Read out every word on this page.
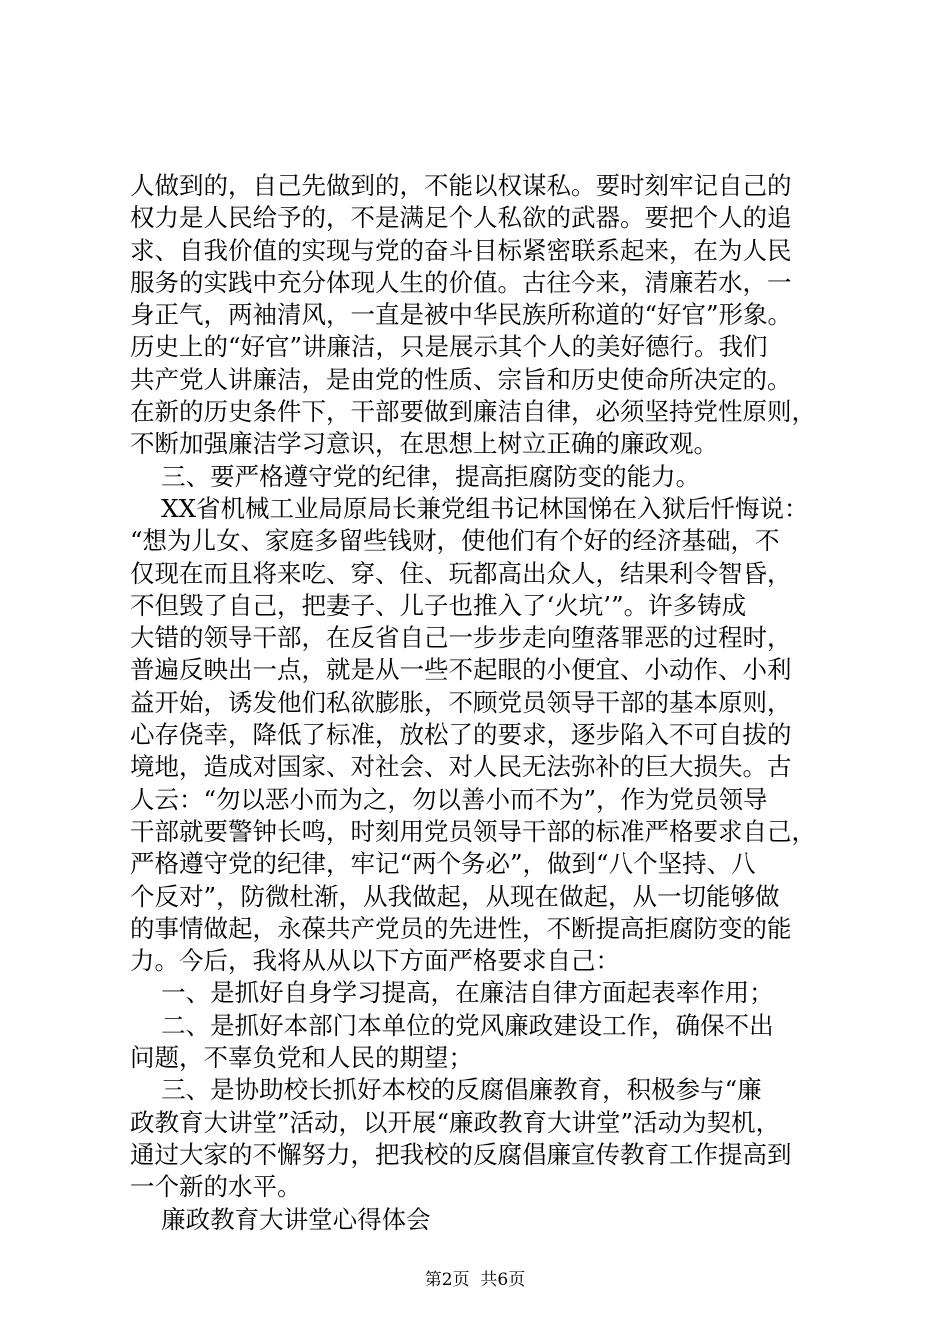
人做到的，自己先做到的，不能以权谋私。要时刻牢记自己的
权力是人民给予的，不是满足个人私欲的武器。要把个人的追
求、自我价值的实现与党的奋斗目标紧密联系起来，在为人民
服务的实践中充分体现人生的价值。古往今来，清廉若水，一
身正气，两袖清风，一直是被中华民族所称道的“好官”形象。
历史上的“好官”讲廉洁，只是展示其个人的美好德行。我们
共产党人讲廉洁，是由党的性质、宗旨和历史使命所决定的。
在新的历史条件下，干部要做到廉洁自律，必须坚持党性原则，
不断加强廉洁学习意识，在思想上树立正确的廉政观。
三、要严格遵守党的纪律，提高拒腐防变的能力。
XX省机械工业局原局长兼党组书记林国悌在入狱后忏悔说：
“想为儿女、家庭多留些钱财，使他们有个好的经济基础，不
仅现在而且将来吃、穿、住、玩都高出众人，结果利令智昏，
不但毁了自己，把妻子、儿子也推入了‘火坑’”。许多铸成
大错的领导干部，在反省自己一步步走向堕落罪恶的过程时，
普遍反映出一点，就是从一些不起眼的小便宜、小动作、小利
益开始，诱发他们私欲膨胀，不顾党员领导干部的基本原则，
心存侥幸，降低了标准，放松了的要求，逐步陷入不可自拔的
境地，造成对国家、对社会、对人民无法弥补的巨大损失。古
人云：“勿以恶小而为之，勿以善小而不为”，作为党员领导
干部就要警钟长鸣，时刻用党员领导干部的标准严格要求自己，
严格遵守党的纪律，牢记“两个务必”，做到“八个坚持、八
个反对”，防微杜渐，从我做起，从现在做起，从一切能够做
的事情做起，永葆共产党员的先进性，不断提高拒腐防变的能
力。今后，我将从从以下方面严格要求自己：
一、是抓好自身学习提高，在廉洁自律方面起表率作用；
二、是抓好本部门本单位的党风廉政建设工作，确保不出
问题，不辜负党和人民的期望；
三、是协助校长抓好本校的反腐倡廉教育，积极参与“廉
政教育大讲堂”活动，以开展“廉政教育大讲堂”活动为契机，
通过大家的不懈努力，把我校的反腐倡廉宣传教育工作提高到
一个新的水平。
廉政教育大讲堂心得体会
第2页  共6页
